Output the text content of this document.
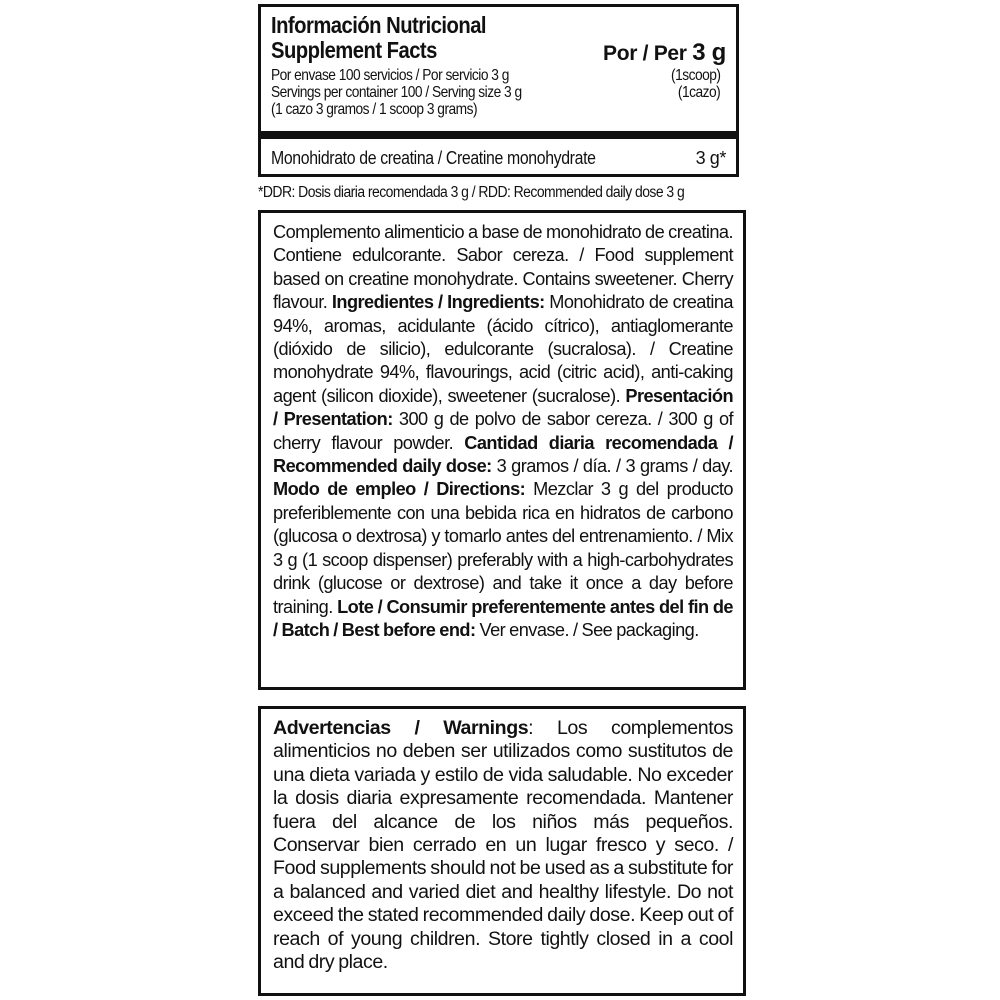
Información Nutricional
Supplement Facts	Por / Per 3 g
Por envase 100 servicios / Por servicio 3 g	(1scoop)
Servings per container 100 / Serving size 3 g	(1cazo)
(1 cazo 3 gramos / 1 scoop 3 grams)
Monohidrato de creatina / Creatine monohydrate	3 g*
*DDR: Dosis diaria recomendada 3 g / RDD: Recommended daily dose 3 g
Complemento alimenticio a base de monohidrato de creatina. Contiene edulcorante. Sabor cereza. / Food supplement based on creatine monohydrate. Contains sweetener. Cherry flavour. Ingredientes / Ingredients: Monohidrato de creatina 94%, aromas, acidulante (ácido cítrico), antiaglomerante (dióxido de silicio), edulcorante (sucralosa). / Creatine monohydrate 94%, flavourings, acid (citric acid), anti-caking agent (silicon dioxide), sweetener (sucralose). Presentación / Presentation: 300 g de polvo de sabor cereza. / 300 g of cherry flavour powder. Cantidad diaria recomendada / Recommended daily dose: 3 gramos / día. / 3 grams / day. Modo de empleo / Directions: Mezclar 3 g del producto preferiblemente con una bebida rica en hidratos de carbono (glucosa o dextrosa) y tomarlo antes del entrenamiento. / Mix 3 g (1 scoop dispenser) preferably with a high-carbohydrates drink (glucose or dextrose) and take it once a day before training. Lote / Consumir preferentemente antes del fin de / Batch / Best before end: Ver envase. / See packaging.
Advertencias / Warnings: Los complementos alimenticios no deben ser utilizados como sustitutos de una dieta variada y estilo de vida saludable. No exceder la dosis diaria expresamente recomendada. Mantener fuera del alcance de los niños más pequeños. Conservar bien cerrado en un lugar fresco y seco. / Food supplements should not be used as a substitute for a balanced and varied diet and healthy lifestyle. Do not exceed the stated recommended daily dose. Keep out of reach of young children. Store tightly closed in a cool and dry place.
